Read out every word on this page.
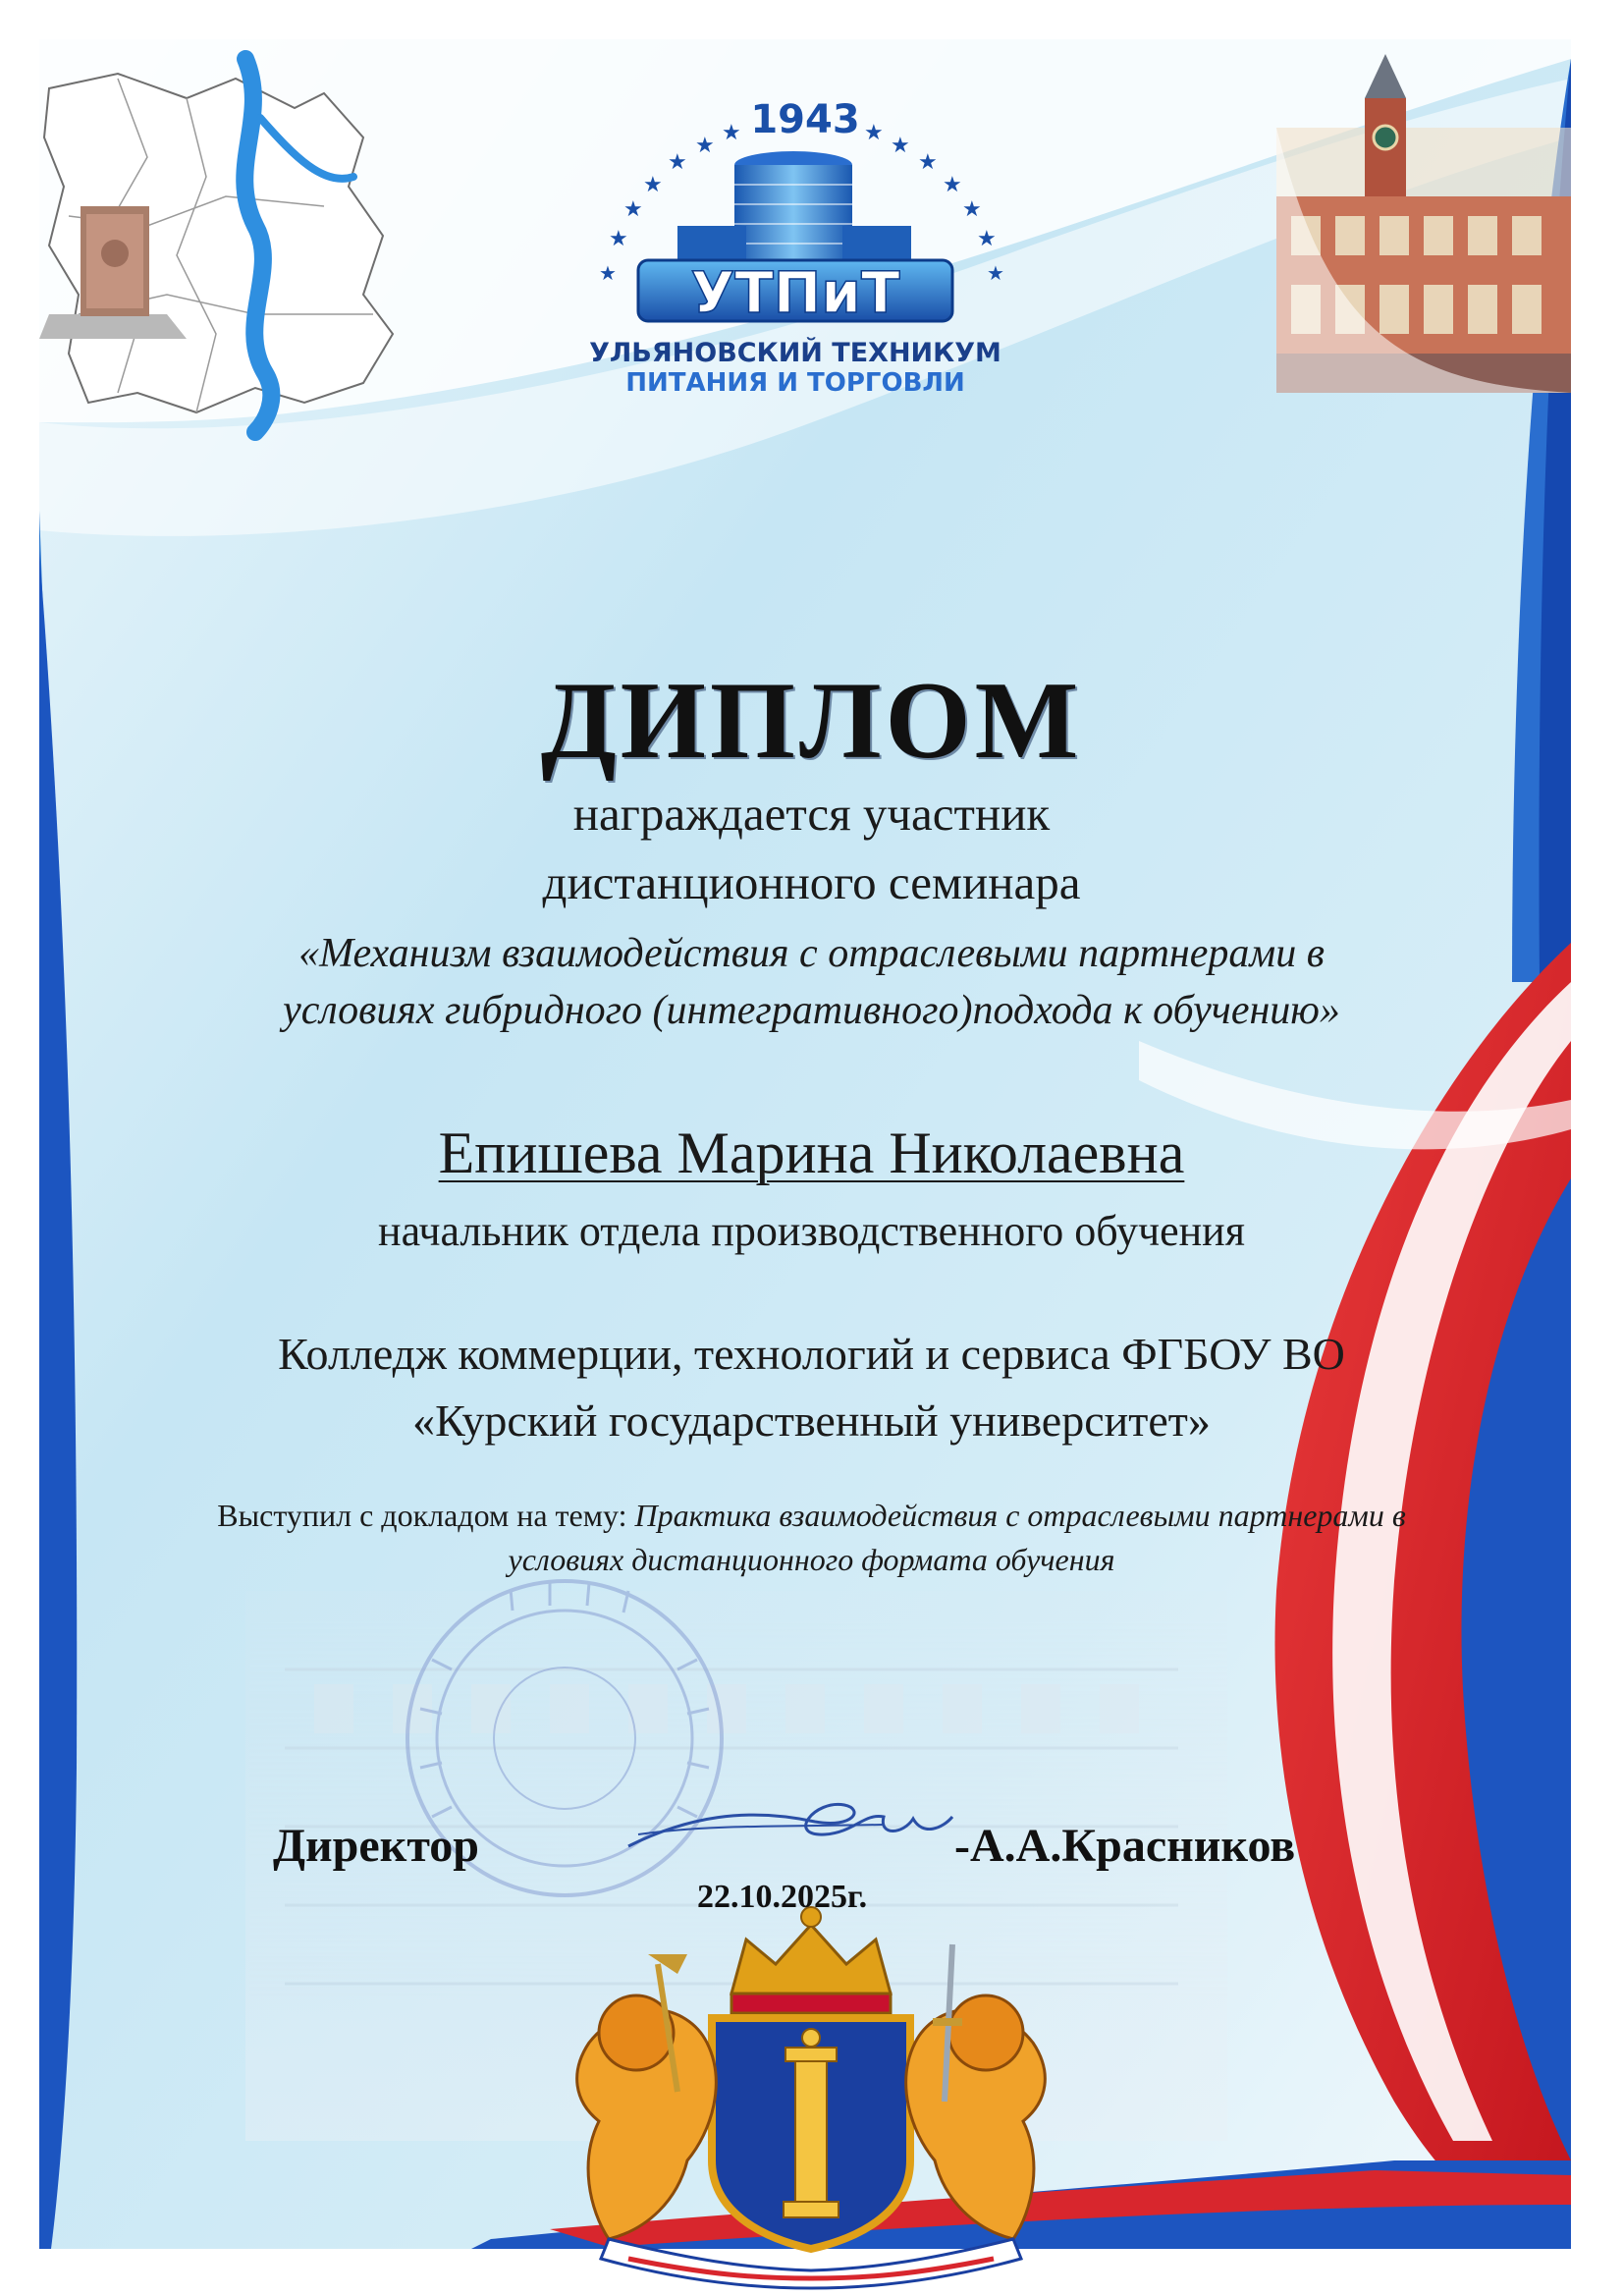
★
★
★
★
★
★	★
★
★
★
★
★
★	★
1943
УТПиТ
УЛЬЯНОВСКИЙ ТЕХНИКУМ
ПИТАНИЯ И ТОРГОВЛИ
ДИПЛОМ
награждается участник
дистанционного семинара
«Механизм взаимодействия с отраслевыми партнерами в
условиях гибридного (интегративного)подхода к обучению»
Епишева Марина Николаевна
начальник отдела производственного обучения
Колледж коммерции, технологий и сервиса ФГБОУ ВО
«Курский государственный университет»
Выступил с докладом на тему: Практика взаимодействия с отраслевыми партнерами в
условиях дистанционного формата обучения
Директор	-А.А.Красников
22.10.2025г.
